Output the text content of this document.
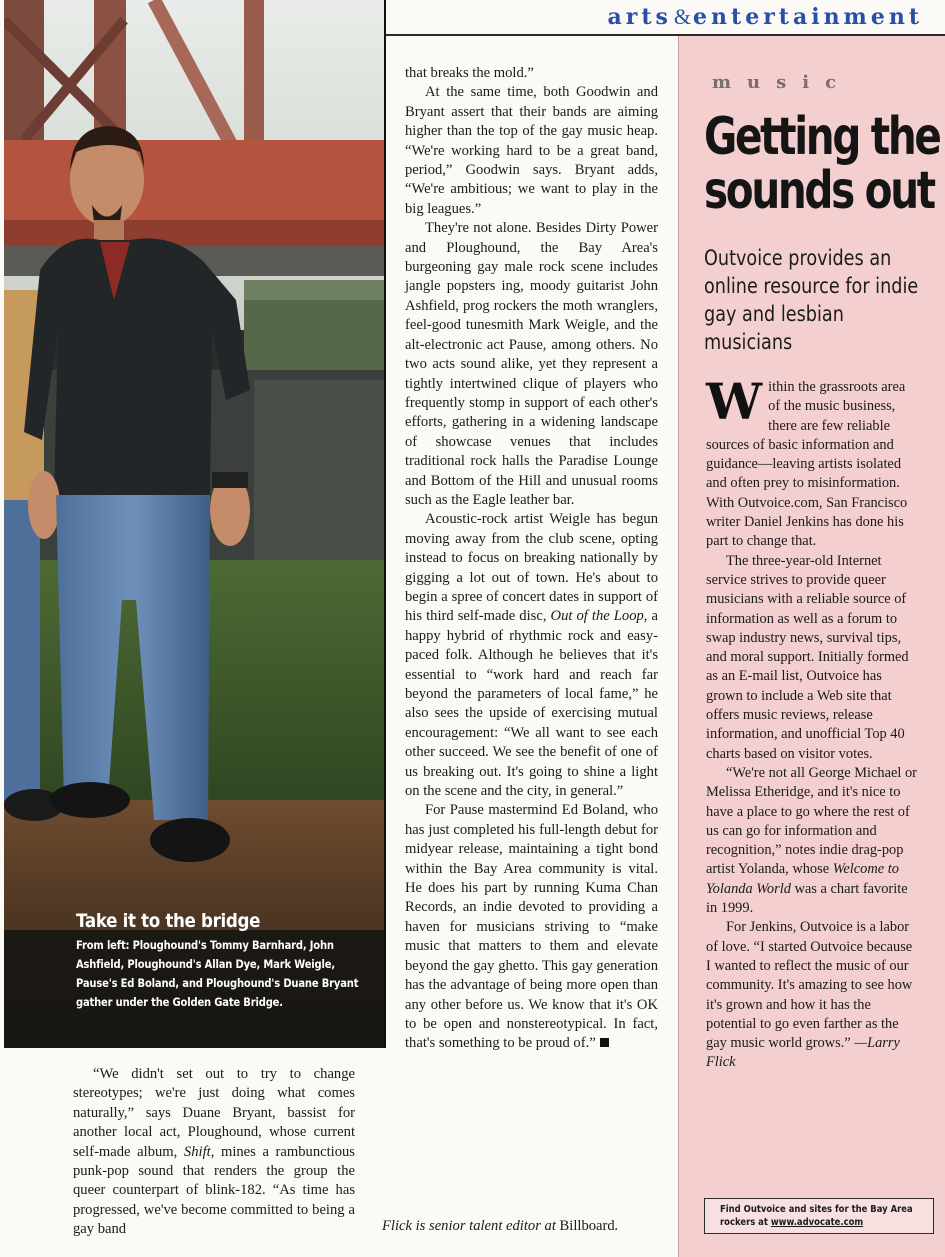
arts&entertainment
Take it to the bridge
From left: Ploughound's Tommy Barnhard, John Ashfield, Ploughound's Allan Dye, Mark Weigle, Pause's Ed Boland, and Ploughound's Duane Bryant gather under the Golden Gate Bridge.

“We didn't set out to try to change stereotypes; we're just doing what comes naturally,” says Duane Bryant, bassist for another local act, Ploughound, whose current self-made album, Shift, mines a rambunctious punk-pop sound that renders the group the queer counterpart of blink-182. “As time has progressed, we've become committed to being a gay band

that breaks the mold.”

At the same time, both Goodwin and Bryant assert that their bands are aiming higher than the top of the gay music heap. “We're working hard to be a great band, period,” Goodwin says. Bryant adds, “We're ambitious; we want to play in the big leagues.”

They're not alone. Besides Dirty Power and Ploughound, the Bay Area's burgeoning gay male rock scene includes jangle popsters ing, moody guitarist John Ashfield, prog rockers the moth wranglers, feel-good tunesmith Mark Weigle, and the alt-electronic act Pause, among others. No two acts sound alike, yet they represent a tightly intertwined clique of players who frequently stomp in support of each other's efforts, gathering in a widening landscape of showcase venues that includes traditional rock halls the Paradise Lounge and Bottom of the Hill and unusual rooms such as the Eagle leather bar.

Acoustic-rock artist Weigle has begun moving away from the club scene, opting instead to focus on breaking nationally by gigging a lot out of town. He's about to begin a spree of concert dates in support of his third self-made disc, Out of the Loop, a happy hybrid of rhythmic rock and easy-paced folk. Although he believes that it's essential to “work hard and reach far beyond the parameters of local fame,” he also sees the upside of exercising mutual encouragement: “We all want to see each other succeed. We see the benefit of one of us breaking out. It's going to shine a light on the scene and the city, in general.”

For Pause mastermind Ed Boland, who has just completed his full-length debut for midyear release, maintaining a tight bond within the Bay Area community is vital. He does his part by running Kuma Chan Records, an indie devoted to providing a haven for musicians striving to “make music that matters to them and elevate beyond the gay ghetto. This gay generation has the advantage of being more open than any other before us. We know that it's OK to be open and nonstereotypical. In fact, that's something to be proud of.”

Flick is senior talent editor at Billboard.
music
Getting the
sounds out
Outvoice provides an
online resource for indie
gay and lesbian
musicians

Within the grassroots area of the music business, there are few reliable sources of basic information and guidance—leaving artists isolated and often prey to misinformation. With Outvoice.com, San Francisco writer Daniel Jenkins has done his part to change that.

The three-year-old Internet service strives to provide queer musicians with a reliable source of information as well as a forum to swap industry news, survival tips, and moral support. Initially formed as an E-mail list, Outvoice has grown to include a Web site that offers music reviews, release information, and unofficial Top 40 charts based on visitor votes.

“We're not all George Michael or Melissa Etheridge, and it's nice to have a place to go where the rest of us can go for information and recognition,” notes indie drag-pop artist Yolanda, whose Welcome to Yolanda World was a chart favorite in 1999.

For Jenkins, Outvoice is a labor of love. “I started Outvoice because I wanted to reflect the music of our community. It's amazing to see how it's grown and how it has the potential to go even farther as the gay music world grows.” —Larry Flick

Find Outvoice and sites for the Bay Area
rockers at www.advocate.com
